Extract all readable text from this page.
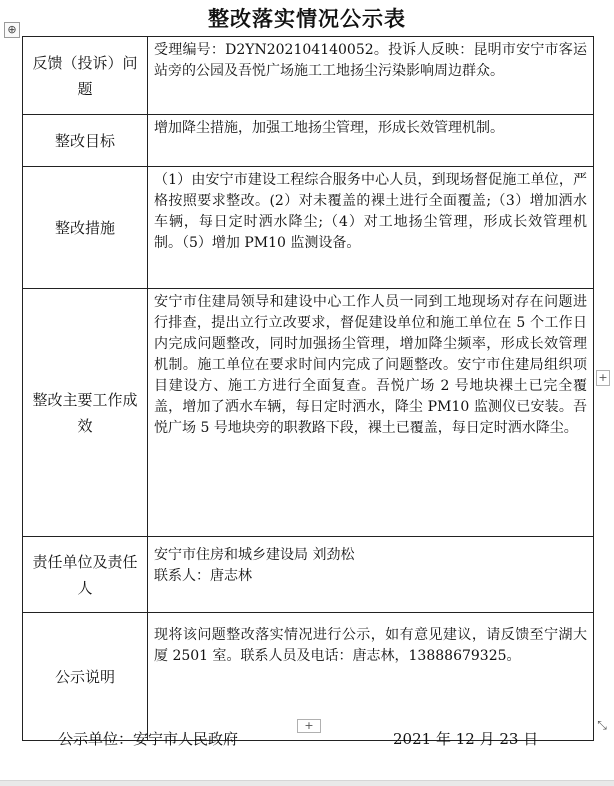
整改落实情况公示表
⊕
反馈（投诉）问题	受理编号：D2YN202104140052。投诉人反映：昆明市安宁市客运站旁的公园及吾悦广场施工工地扬尘污染影响周边群众。
整改目标	增加降尘措施，加强工地扬尘管理，形成长效管理机制。
整改措施	（1）由安宁市建设工程综合服务中心人员，到现场督促施工单位，严格按照要求整改。(2）对未覆盖的裸土进行全面覆盖;（3）增加洒水车辆，每日定时洒水降尘;（4）对工地扬尘管理，形成长效管理机制。（5）增加 PM10 监测设备。
整改主要工作成效	安宁市住建局领导和建设中心工作人员一同到工地现场对存在问题进行排查，提出立行立改要求，督促建设单位和施工单位在 5 个工作日内完成问题整改，同时加强扬尘管理，增加降尘频率，形成长效管理机制。施工单位在要求时间内完成了问题整改。安宁市住建局组织项目建设方、施工方进行全面复查。吾悦广场 2 号地块裸土已完全覆盖，增加了洒水车辆，每日定时洒水，降尘 PM10 监测仪已安装。吾悦广场 5 号地块旁的职教路下段，裸土已覆盖，每日定时洒水降尘。
责任单位及责任人	安宁市住房和城乡建设局 刘劲松
联系人：唐志林

公示说明	现将该问题整改落实情况进行公示，如有意见建议，请反馈至宁湖大厦 2501 室。联系人员及电话：唐志林，13888679325。
+
+	⤡
公示单位：安宁市人民政府	2021 年 12 月 23 日
